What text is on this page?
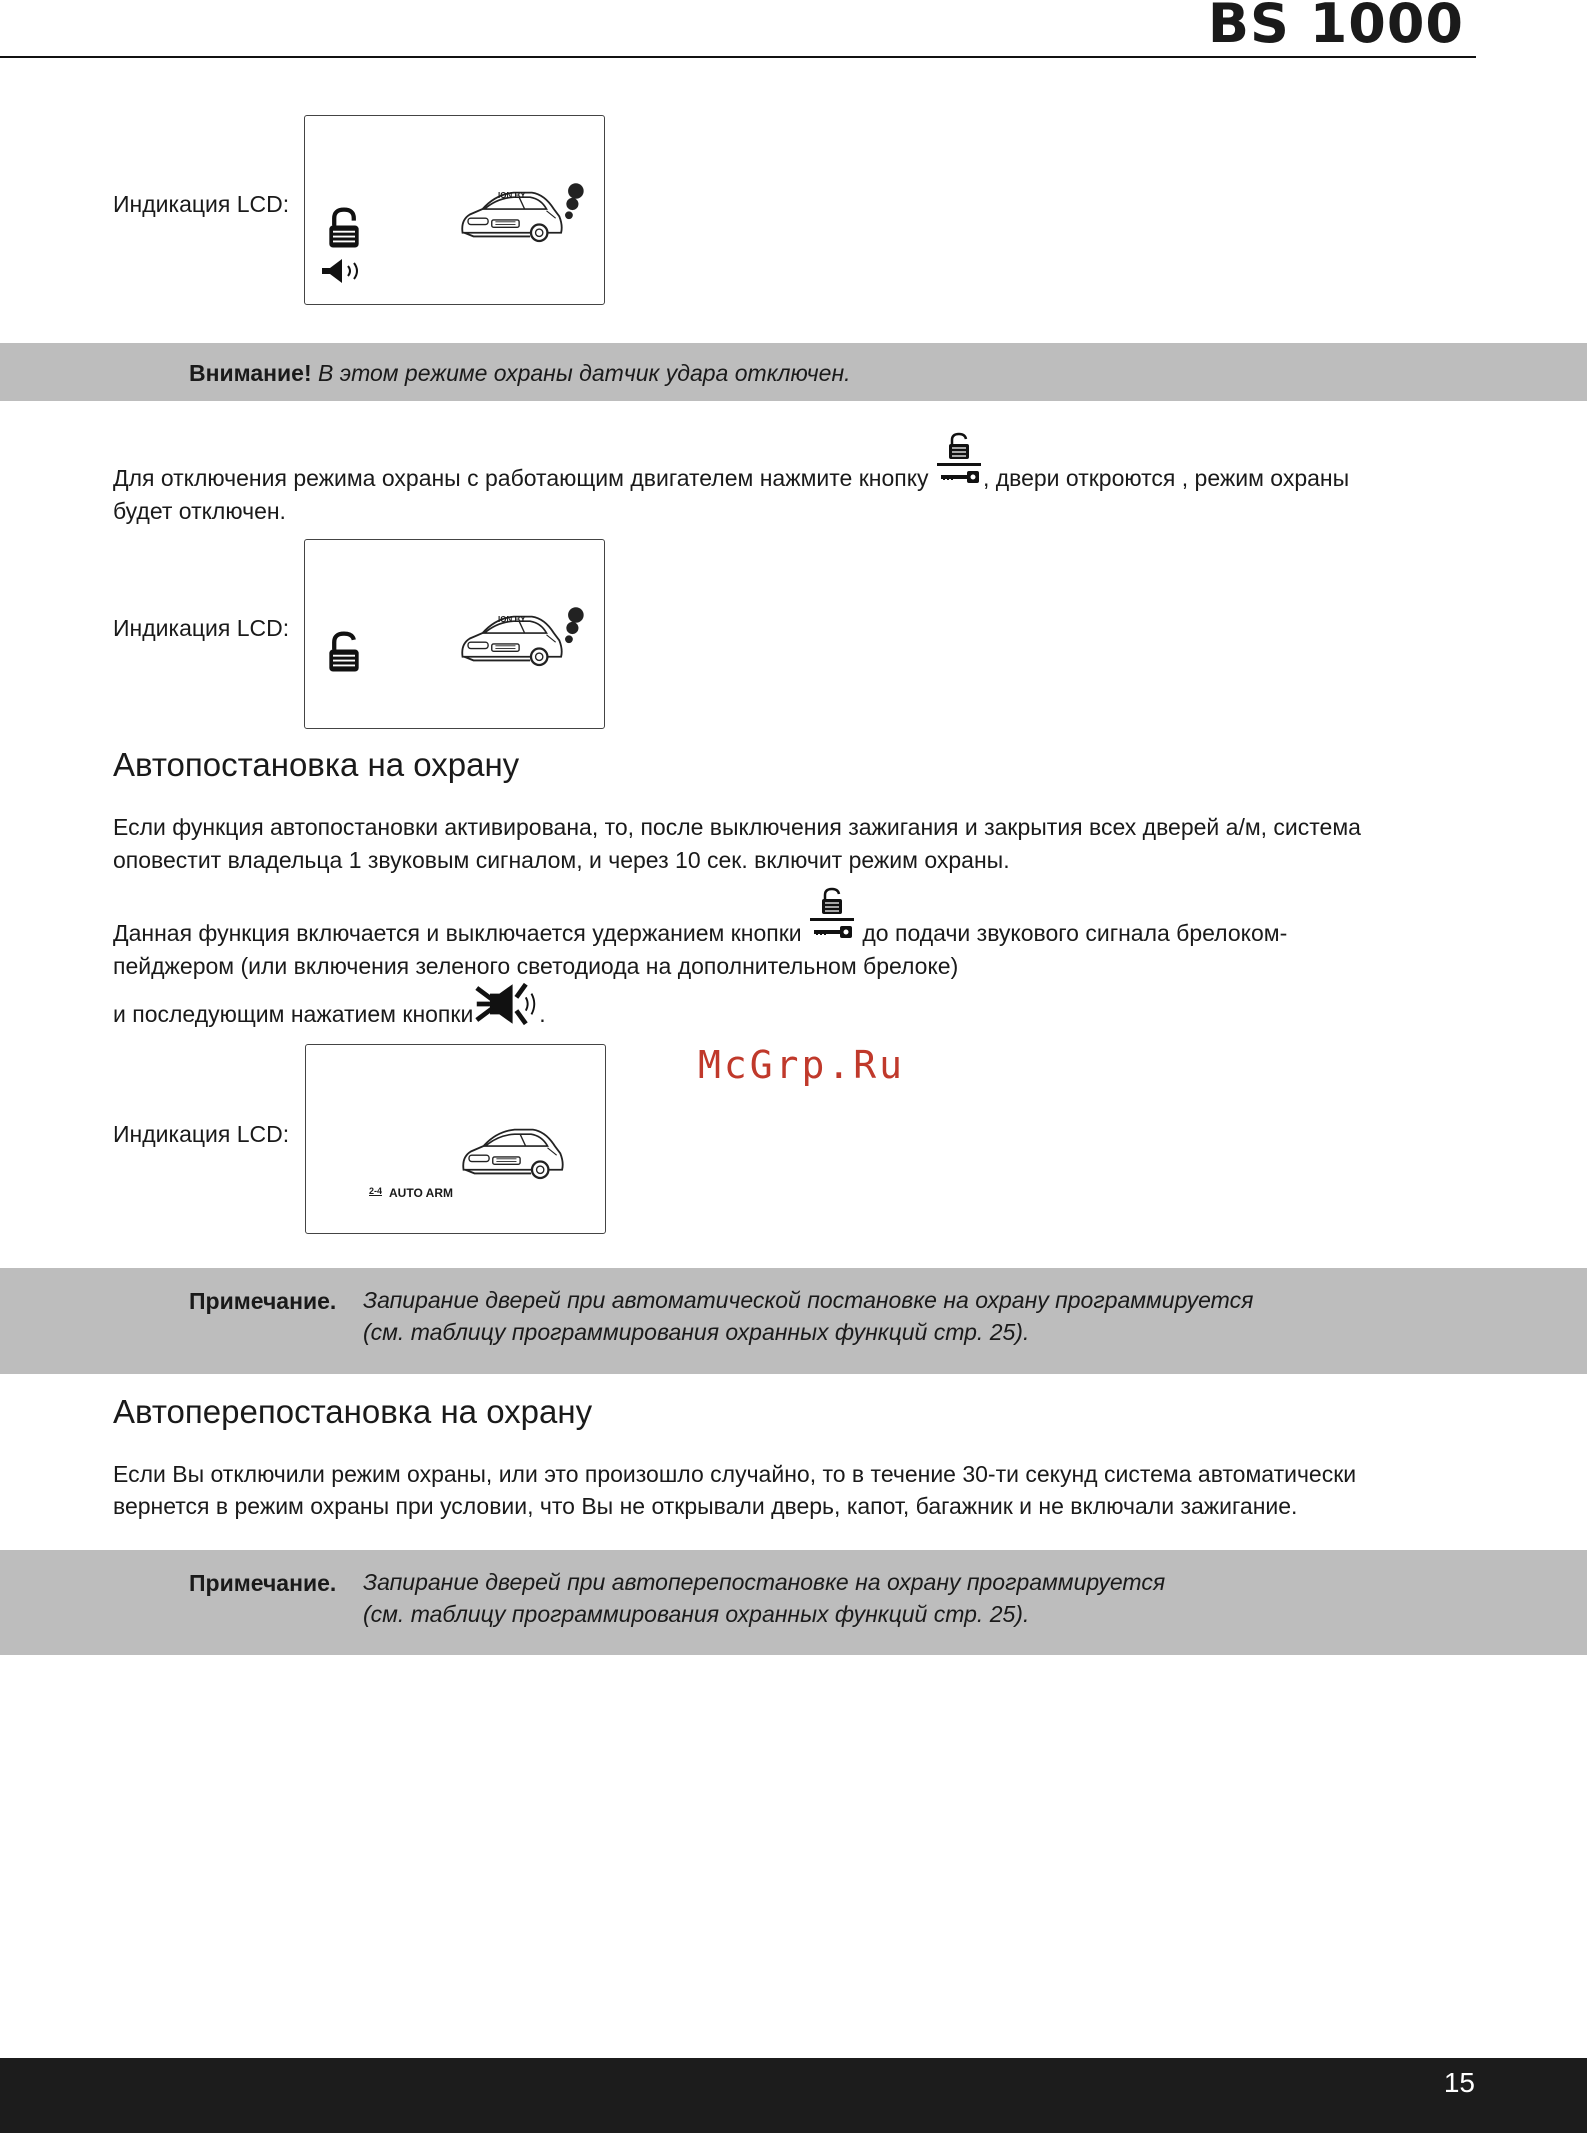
BS 1000
Индикация LCD:	ION BY
Внимание! В этом режиме охраны датчик удара отключен.
Для отключения режима охраны с работающим двигателем нажмите кнопку , двери откроются , режим охраны
будет отключен.
Индикация LCD:	ION BY
Автопостановка на охрану
Если функция автопостановки активирована, то, после выключения зажигания и закрытия всех дверей а/м, система
оповестит владельца 1 звуковым сигналом, и через 10 сек. включит режим охраны.
Данная функция включается и выключается удержанием кнопки	до подачи звукового сигнала брелоком-
пейджером (или включения зеленого светодиода на дополнительном брелоке)
и последующим нажатием кнопки	.
Индикация LCD:
2-4 AUTO ARM
McGrp.Ru
Примечание. Запирание дверей при автоматической постановке на охрану программируется
(см. таблицу программирования охранных функций стр. 25).
Автоперепостановка на охрану
Если Вы отключили режим охраны, или это произошло случайно, то в течение 30-ти секунд система автоматически
вернется в режим охраны при условии, что Вы не открывали дверь, капот, багажник и не включали зажигание.
Примечание. Запирание дверей при автоперепостановке на охрану программируется
(см. таблицу программирования охранных функций стр. 25).
15
